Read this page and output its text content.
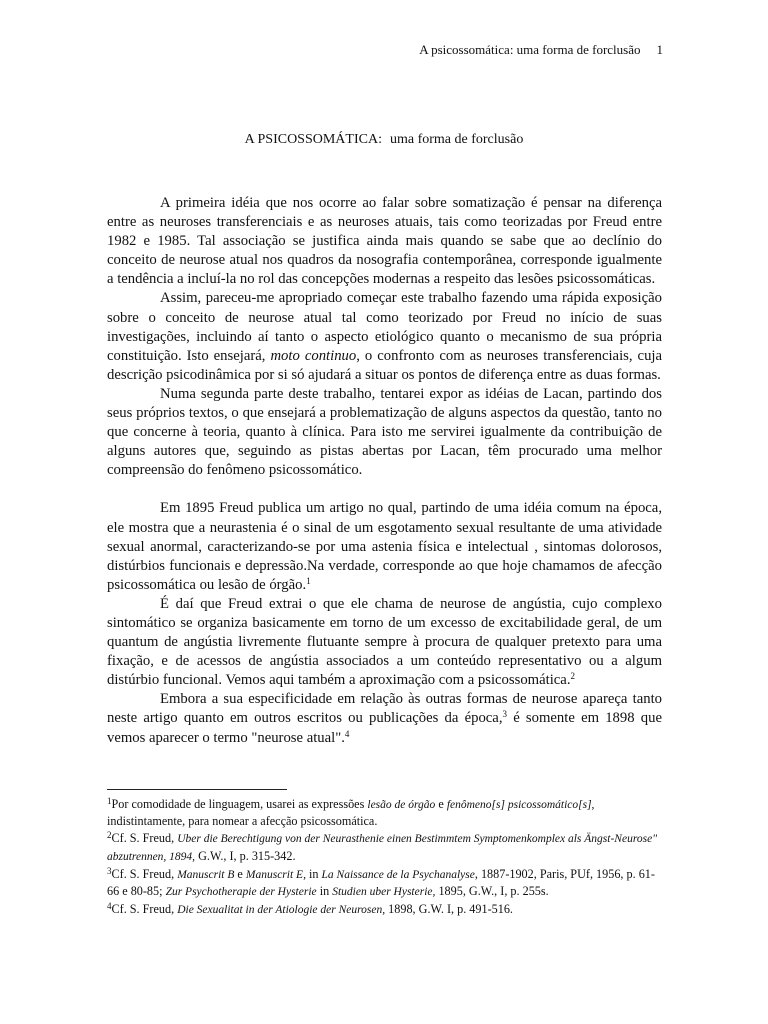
A psicossomática: uma forma de forclusão 1
A PSICOSSOMÁTICA: uma forma de forclusão

A primeira idéia que nos ocorre ao falar sobre somatização é pensar na diferença entre as neuroses transferenciais e as neuroses atuais, tais como teorizadas por Freud entre 1982 e 1985. Tal associação se justifica ainda mais quando se sabe que ao declínio do conceito de neurose atual nos quadros da nosografia contemporânea, corresponde igualmente a tendência a incluí-la no rol das concepções modernas a respeito das lesões psicossomáticas.

Assim, pareceu-me apropriado começar este trabalho fazendo uma rápida exposição sobre o conceito de neurose atual tal como teorizado por Freud no início de suas investigações, incluindo aí tanto o aspecto etiológico quanto o mecanismo de sua própria constituição. Isto ensejará, moto continuo, o confronto com as neuroses transferenciais, cuja descrição psicodinâmica por si só ajudará a situar os pontos de diferença entre as duas formas.

Numa segunda parte deste trabalho, tentarei expor as idéias de Lacan, partindo dos seus próprios textos, o que ensejará a problematização de alguns aspectos da questão, tanto no que concerne à teoria, quanto à clínica. Para isto me servirei igualmente da contribuição de alguns autores que, seguindo as pistas abertas por Lacan, têm procurado uma melhor compreensão do fenômeno psicossomático.

Em 1895 Freud publica um artigo no qual, partindo de uma idéia comum na época, ele mostra que a neurastenia é o sinal de um esgotamento sexual resultante de uma atividade sexual anormal, caracterizando-se por uma astenia física e intelectual , sintomas dolorosos, distúrbios funcionais e depressão.Na verdade, corresponde ao que hoje chamamos de afecção psicossomática ou lesão de órgão.$^1$

É daí que Freud extrai o que ele chama de neurose de angústia, cujo complexo sintomático se organiza basicamente em torno de um excesso de excitabilidade geral, de um quantum de angústia livremente flutuante sempre à procura de qualquer pretexto para uma fixação, e de acessos de angústia associados a um conteúdo representativo ou a algum distúrbio funcional. Vemos aqui também a aproximação com a psicossomática.$^2$

Embora a sua especificidade em relação às outras formas de neurose apareça tanto neste artigo quanto em outros escritos ou publicações da época,$^3$ é somente em 1898 que vemos aparecer o termo "neurose atual".$^4$

$^1$Por comodidade de linguagem, usarei as expressões lesão de órgão e fenômeno[s] psicossomático[s], indistintamente, para nomear a afecção psicossomática.

$^2$Cf. S. Freud, Uber die Berechtigung von der Neurasthenie einen Bestimmtem Symptomenkomplex als Ängst-Neurose" abzutrennen, 1894, G.W., I, p. 315-342.

$^3$Cf. S. Freud, Manuscrit B e Manuscrit E, in La Naissance de la Psychanalyse, 1887-1902, Paris, PUf, 1956, p. 61-66 e 80-85; Zur Psychotherapie der Hysterie in Studien uber Hysterie, 1895, G.W., I, p. 255s.

$^4$Cf. S. Freud, Die Sexualitat in der Atiologie der Neurosen, 1898, G.W. I, p. 491-516.
